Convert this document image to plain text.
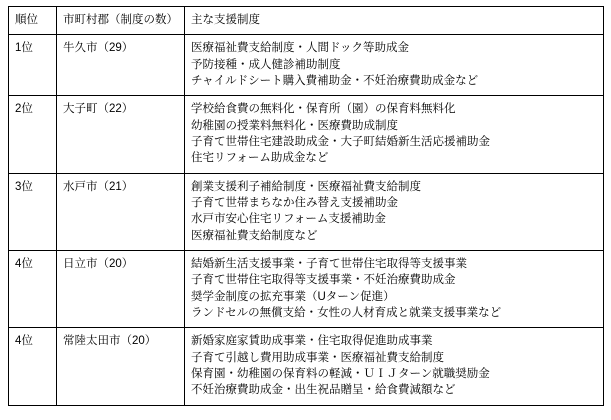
順位	市町村郡（制度の数）	主な支援制度
1位	牛久市（29）	医療福祉費支給制度・人間ドック等助成金
予防接種・成人健診補助制度
チャイルドシート購入費補助金・不妊治療費助成金など

2位	大子町（22）	学校給食費の無料化・保育所（園）の保育料無料化
幼稚園の授業料無料化・医療費助成制度
子育て世帯住宅建設助成金・大子町結婚新生活応援補助金
住宅リフォーム助成金など

3位	水戸市（21）	創業支援利子補給制度・医療福祉費支給制度
子育て世帯まちなか住み替え支援補助金
水戸市安心住宅リフォーム支援補助金
医療福祉費支給制度など

4位	日立市（20）	結婚新生活支援事業・子育て世帯住宅取得等支援事業
子育て世帯住宅取得等支援事業・不妊治療費助成金
奨学金制度の拡充事業（Uターン促進）
ランドセルの無償支給・女性の人材育成と就業支援事業など

4位	常陸太田市（20）	新婚家庭家賃助成事業・住宅取得促進助成事業
子育て引越し費用助成事業・医療福祉費支給制度
保育園・幼稚園の保育料の軽減・ＵＩＪターン就職奨励金
不妊治療費助成金・出生祝品贈呈・給食費減額など
